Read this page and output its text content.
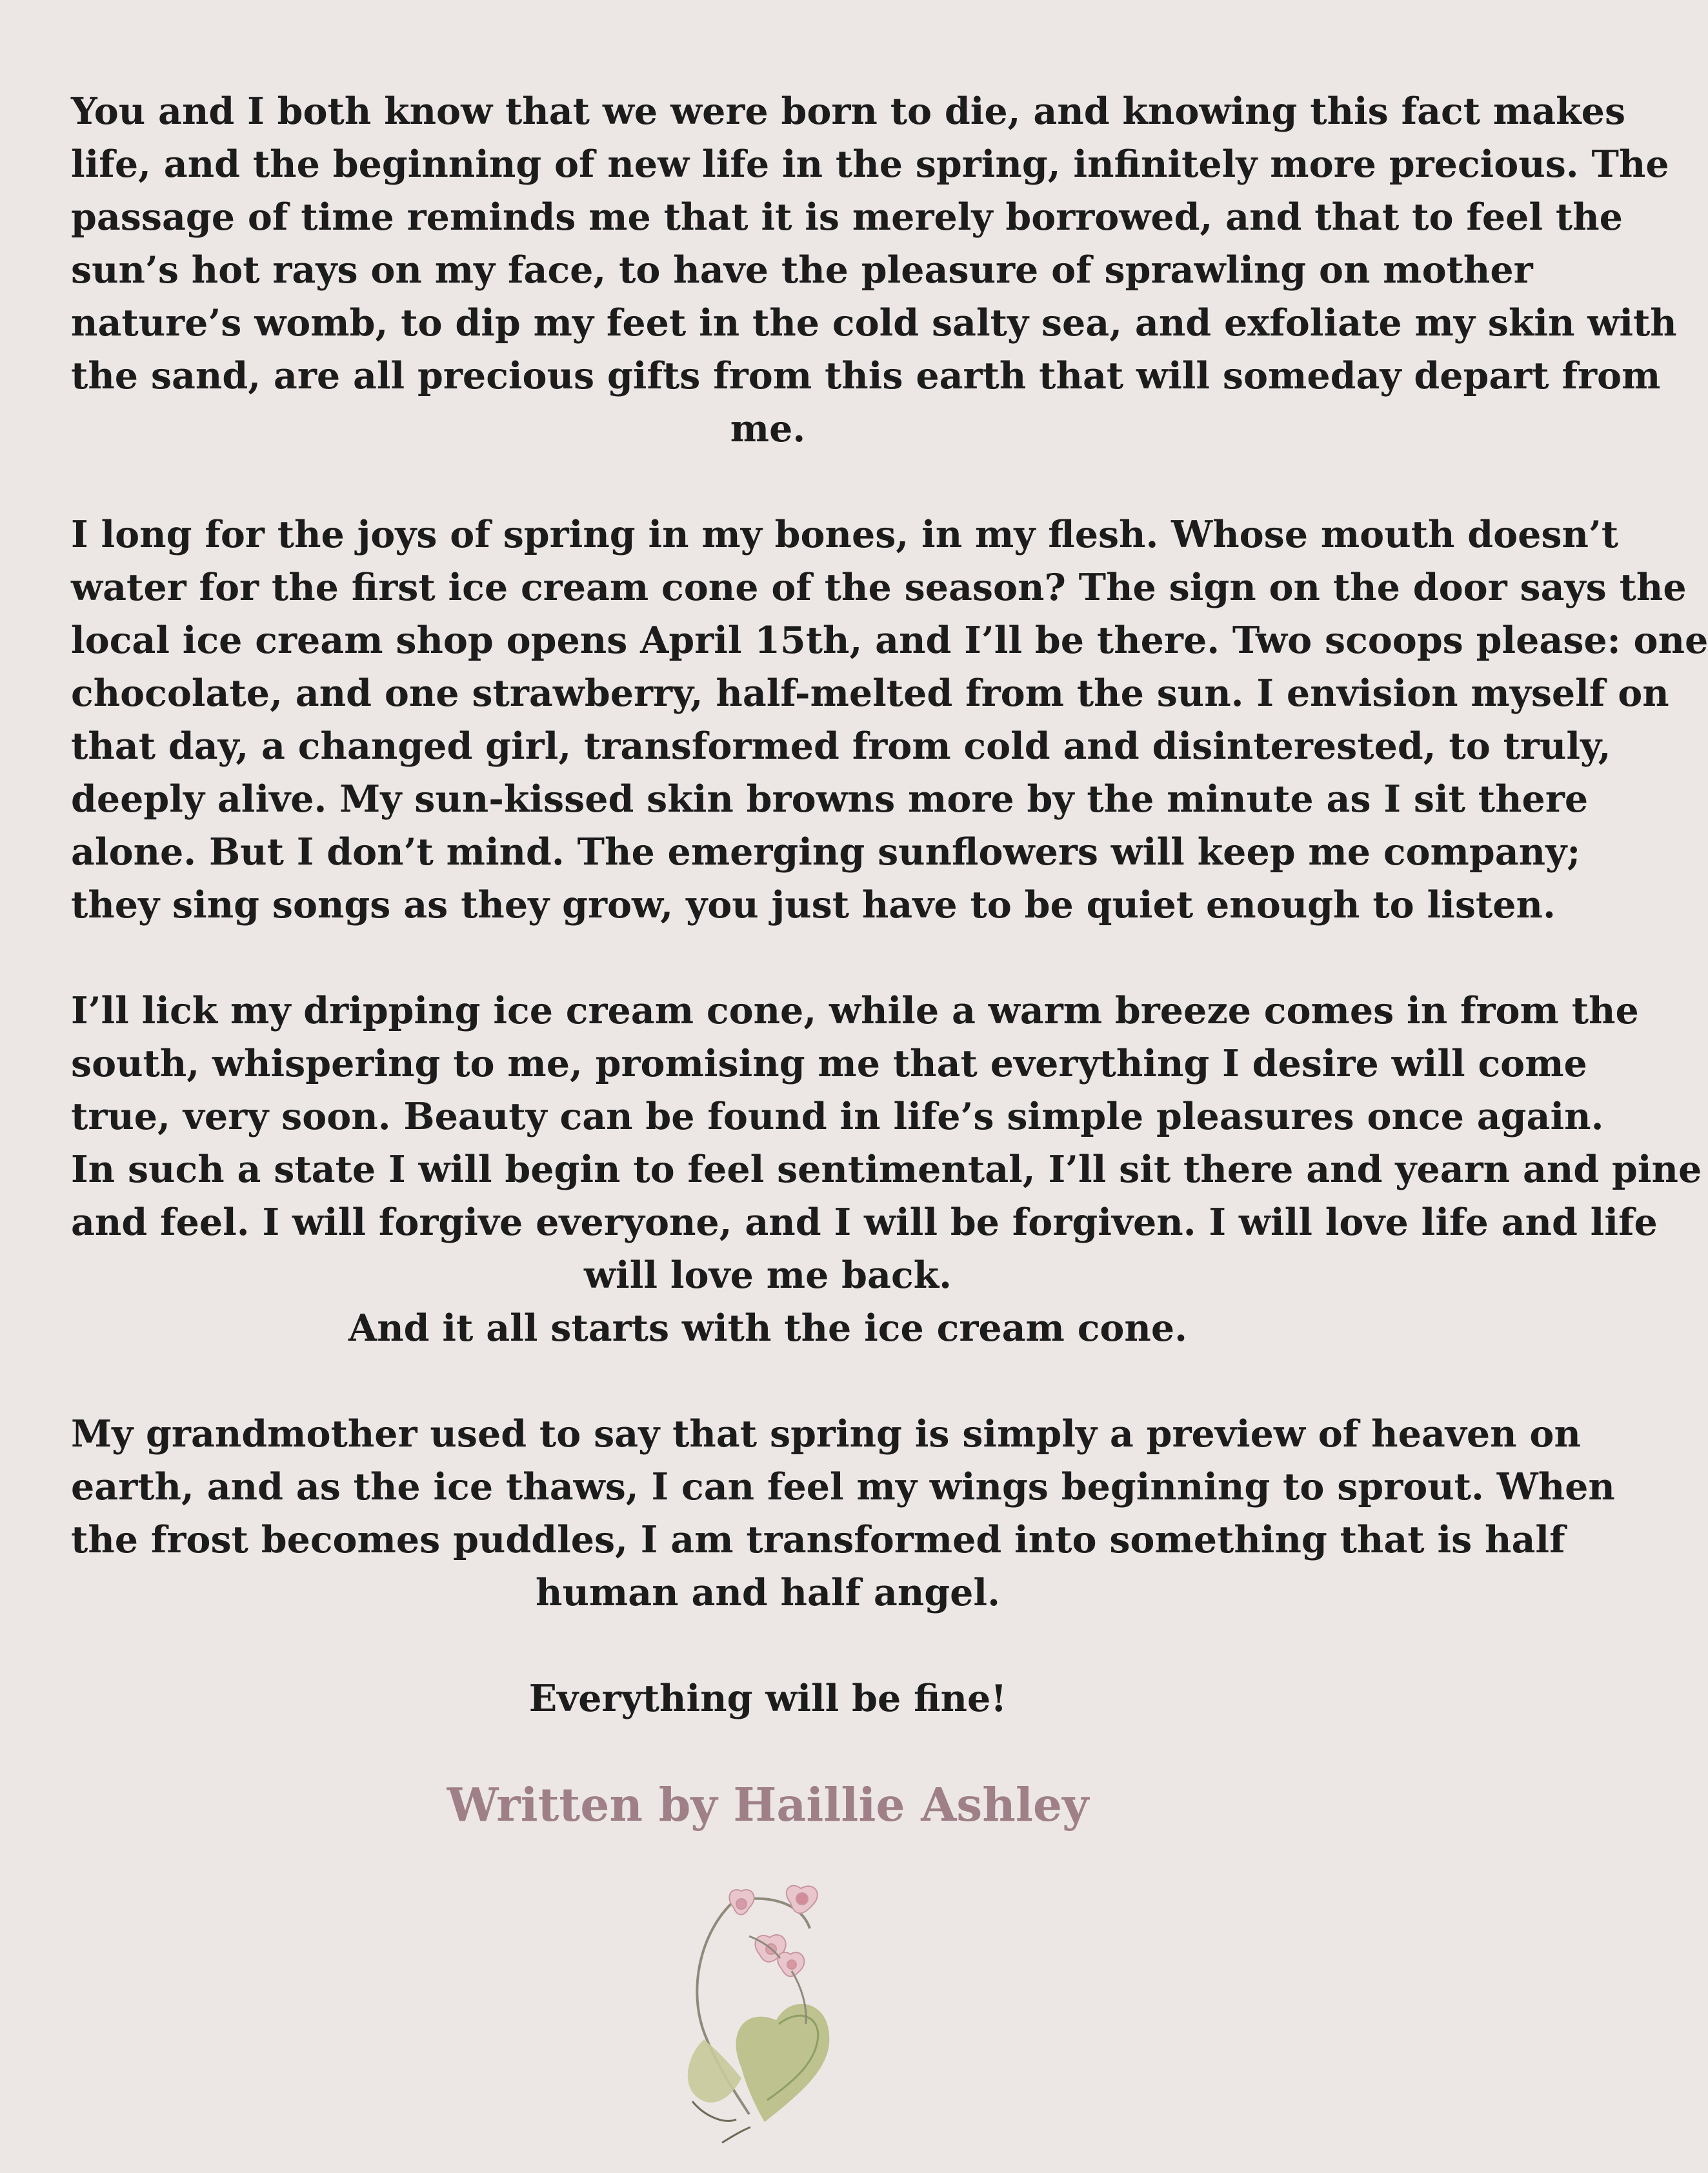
You and I both know that we were born to die, and knowing this fact makes
life, and the beginning of new life in the spring, infinitely more precious. The
passage of time reminds me that it is merely borrowed, and that to feel the
sun’s hot rays on my face, to have the pleasure of sprawling on mother
nature’s womb, to dip my feet in the cold salty sea, and exfoliate my skin with
the sand, are all precious gifts from this earth that will someday depart from
me.

I long for the joys of spring in my bones, in my flesh. Whose mouth doesn’t
water for the first ice cream cone of the season? The sign on the door says the
local ice cream shop opens April 15th, and I’ll be there. Two scoops please: one
chocolate, and one strawberry, half-melted from the sun. I envision myself on
that day, a changed girl, transformed from cold and disinterested, to truly,
deeply alive. My sun-kissed skin browns more by the minute as I sit there
alone. But I don’t mind. The emerging sunflowers will keep me company;
they sing songs as they grow, you just have to be quiet enough to listen.

I’ll lick my dripping ice cream cone, while a warm breeze comes in from the
south, whispering to me, promising me that everything I desire will come
true, very soon. Beauty can be found in life’s simple pleasures once again.
In such a state I will begin to feel sentimental, I’ll sit there and yearn and pine
and feel. I will forgive everyone, and I will be forgiven. I will love life and life
will love me back.
And it all starts with the ice cream cone.

My grandmother used to say that spring is simply a preview of heaven on
earth, and as the ice thaws, I can feel my wings beginning to sprout. When
the frost becomes puddles, I am transformed into something that is half
human and half angel.

Everything will be fine!

Written by Haillie Ashley
